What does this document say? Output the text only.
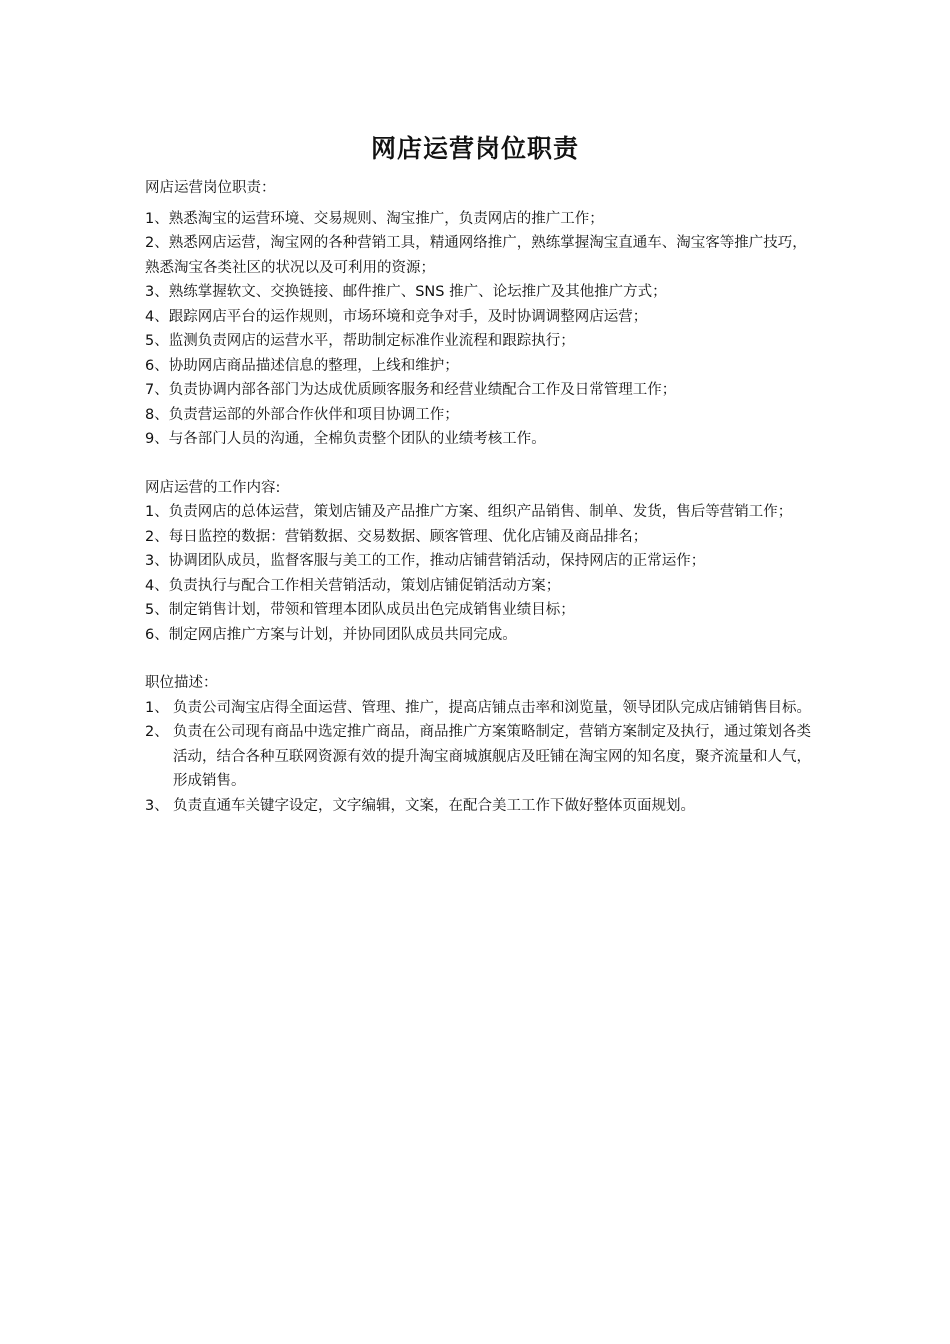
网店运营岗位职责

网店运营岗位职责：

1、熟悉淘宝的运营环境、交易规则、淘宝推广，负责网店的推广工作；

2、熟悉网店运营，淘宝网的各种营销工具，精通网络推广，熟练掌握淘宝直通车、淘宝客等推广技巧，熟悉淘宝各类社区的状况以及可利用的资源；

3、熟练掌握软文、交换链接、邮件推广、SNS 推广、论坛推广及其他推广方式；

4、跟踪网店平台的运作规则，市场环境和竞争对手，及时协调调整网店运营；

5、监测负责网店的运营水平，帮助制定标准作业流程和跟踪执行；

6、协助网店商品描述信息的整理，上线和维护；

7、负责协调内部各部门为达成优质顾客服务和经营业绩配合工作及日常管理工作；

8、负责营运部的外部合作伙伴和项目协调工作；

9、与各部门人员的沟通，全棉负责整个团队的业绩考核工作。

网店运营的工作内容:

1、负责网店的总体运营，策划店铺及产品推广方案、组织产品销售、制单、发货，售后等营销工作；

2、每日监控的数据：营销数据、交易数据、顾客管理、优化店铺及商品排名；

3、协调团队成员，监督客服与美工的工作，推动店铺营销活动，保持网店的正常运作；

4、负责执行与配合工作相关营销活动，策划店铺促销活动方案；

5、制定销售计划，带领和管理本团队成员出色完成销售业绩目标；

6、制定网店推广方案与计划，并协同团队成员共同完成。

职位描述：

1、 负责公司淘宝店得全面运营、管理、推广，提高店铺点击率和浏览量，领导团队完成店铺销售目标。
2、 负责在公司现有商品中选定推广商品，商品推广方案策略制定，营销方案制定及执行，通过策划各类活动，结合各种互联网资源有效的提升淘宝商城旗舰店及旺铺在淘宝网的知名度，聚齐流量和人气，形成销售。
3、 负责直通车关键字设定，文字编辑，文案，在配合美工工作下做好整体页面规划。
